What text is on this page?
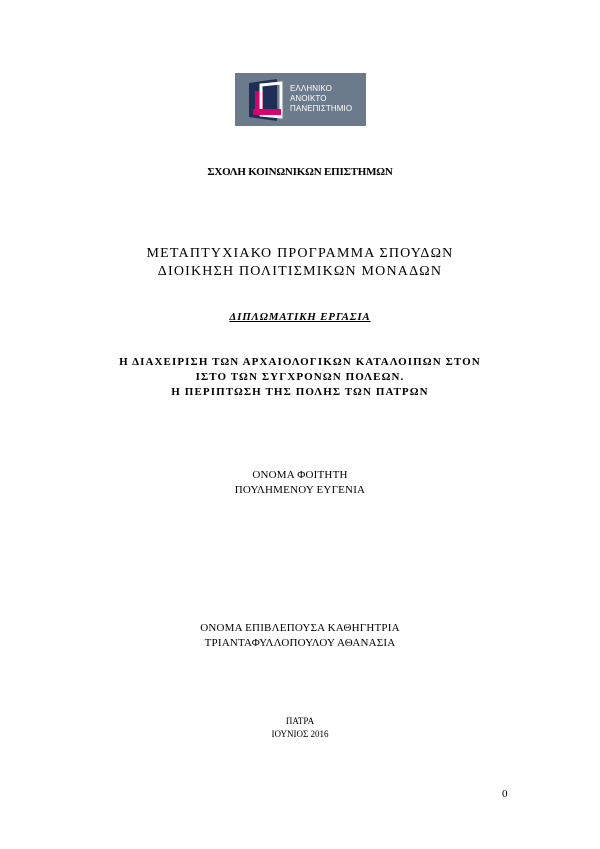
ΕΛΛΗΝΙΚΟ
ΑΝΟΙΚΤΟ
ΠΑΝΕΠΙΣΤΗΜΙΟ
ΣΧΟΛΗ ΚΟΙΝΩΝΙΚΩΝ ΕΠΙΣΤΗΜΩΝ
ΜΕΤΑΠΤΥΧΙΑΚΟ ΠΡΟΓΡΑΜΜΑ ΣΠΟΥΔΩΝ
ΔΙΟΙΚΗΣΗ ΠΟΛΙΤΙΣΜΙΚΩΝ ΜΟΝΑΔΩΝ
ΔΙΠΛΩΜΑΤΙΚΗ ΕΡΓΑΣΙΑ
Η ΔΙΑΧΕΙΡΙΣΗ ΤΩΝ ΑΡΧΑΙΟΛΟΓΙΚΩΝ ΚΑΤΑΛΟΙΠΩΝ ΣΤΟΝ
ΙΣΤΟ ΤΩΝ ΣΥΓΧΡΟΝΩΝ ΠΟΛΕΩΝ.
Η ΠΕΡΙΠΤΩΣΗ ΤΗΣ ΠΟΛΗΣ ΤΩΝ ΠΑΤΡΩΝ
ΟΝΟΜΑ ΦΟΙΤΗΤΗ
ΠΟΥΛΗΜΕΝΟΥ ΕΥΓΕΝΙΑ
ΟΝΟΜΑ ΕΠΙΒΛΕΠΟΥΣΑ ΚΑΘΗΓΗΤΡΙΑ
ΤΡΙΑΝΤΑΦΥΛΛΟΠΟΥΛΟΥ ΑΘΑΝΑΣΙΑ
ΠΑΤΡΑ
ΙΟΥΝΙΟΣ 2016
0
